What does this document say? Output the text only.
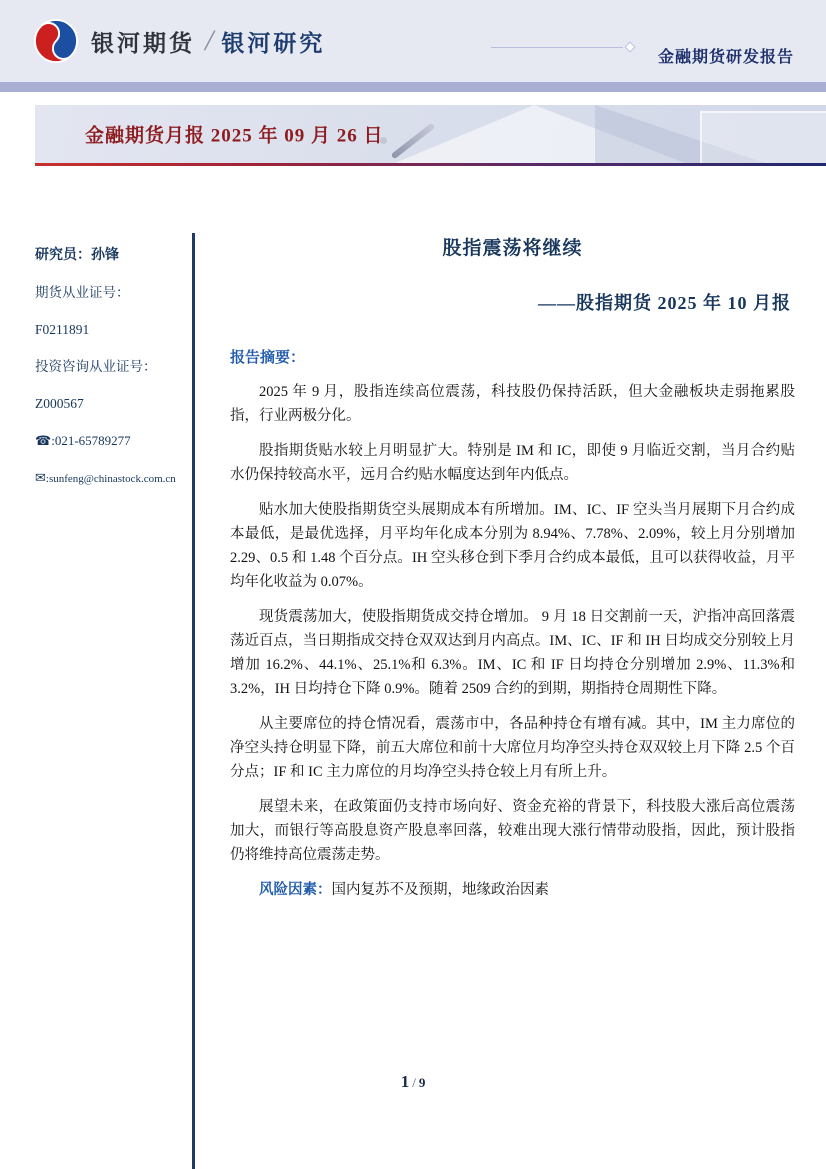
银河期货 / 银河研究
金融期货研发报告
金融期货月报 2025 年 09 月 26 日
研究员：孙锋
期货从业证号：
F0211891
投资咨询从业证号：
Z000567
☎:021-65789277
✉:sunfeng@chinastock.com.cn
股指震荡将继续
——股指期货 2025 年 10 月报
报告摘要：

2025 年 9 月，股指连续高位震荡，科技股仍保持活跃，但大金融板块走弱拖累股指，行业两极分化。

股指期货贴水较上月明显扩大。特别是 IM 和 IC，即使 9 月临近交割，当月合约贴水仍保持较高水平，远月合约贴水幅度达到年内低点。

贴水加大使股指期货空头展期成本有所增加。IM、IC、IF 空头当月展期下月合约成本最低，是最优选择，月平均年化成本分别为 8.94%、7.78%、2.09%，较上月分别增加 2.29、0.5 和 1.48 个百分点。IH 空头移仓到下季月合约成本最低，且可以获得收益，月平均年化收益为 0.07%。

现货震荡加大，使股指期货成交持仓增加。 9 月 18 日交割前一天，沪指冲高回落震荡近百点，当日期指成交持仓双双达到月内高点。IM、IC、IF 和 IH 日均成交分别较上月增加 16.2%、44.1%、25.1%和 6.3%。IM、IC 和 IF 日均持仓分别增加 2.9%、11.3%和 3.2%，IH 日均持仓下降 0.9%。随着 2509 合约的到期，期指持仓周期性下降。

从主要席位的持仓情况看，震荡市中，各品种持仓有增有减。其中，IM 主力席位的净空头持仓明显下降，前五大席位和前十大席位月均净空头持仓双双较上月下降 2.5 个百分点；IF 和 IC 主力席位的月均净空头持仓较上月有所上升。

展望未来，在政策面仍支持市场向好、资金充裕的背景下，科技股大涨后高位震荡加大，而银行等高股息资产股息率回落，较难出现大涨行情带动股指，因此，预计股指仍将维持高位震荡走势。

风险因素：国内复苏不及预期，地缘政治因素
1 / 9
